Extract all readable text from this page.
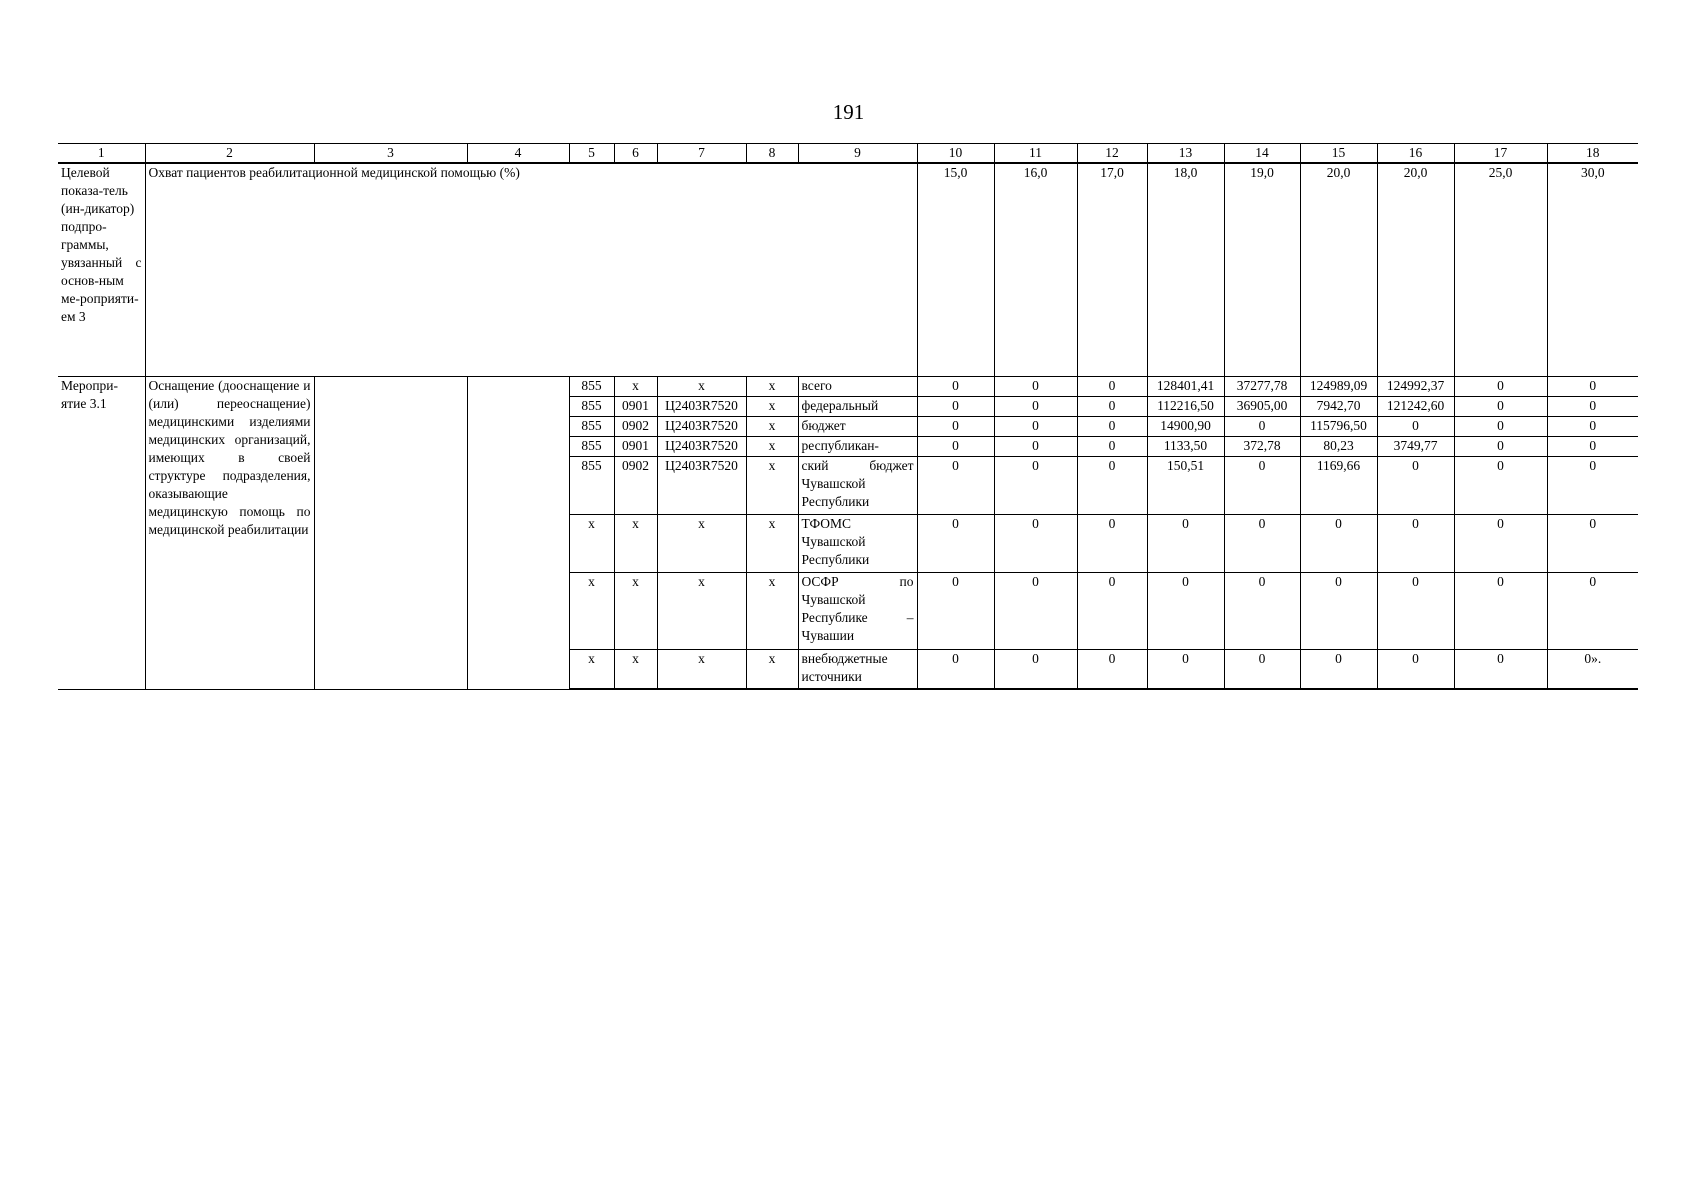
191
1	2	3	4	5	6	7	8	9	10	11	12	13	14	15	16	17	18
Целевой показа-тель (ин-дикатор) подпро-граммы, увязанный с основ-ным ме-роприяти-ем 3	Охват пациентов реабилитационной медицинской помощью (%)								15,0	16,0	17,0	18,0	19,0	20,0	20,0	25,0	30,0
Меропри-ятие 3.1	Оснащение (дооснащение и (или) переоснащение) медицинскими изделиями медицинских организаций, имеющих в своей структуре подразделения, оказывающие медицинскую помощь по медицинской реабилитации			855	х	х	х	всего	0	0	0	128401,41	37277,78	124989,09	124992,37	0	0
				855	0901	Ц2403R7520	х	федеральный	0	0	0	112216,50	36905,00	7942,70	121242,60	0	0
				855	0902	Ц2403R7520	х	бюджет	0	0	0	14900,90	0	115796,50	0	0	0
				855	0901	Ц2403R7520	х	республикан-	0	0	0	1133,50	372,78	80,23	3749,77	0	0
				855	0902	Ц2403R7520	х	ский бюджет Чувашской Республики	0	0	0	150,51	0	1169,66	0	0	0
				х	х	х	х	ТФОМС Чувашской Республики	0	0	0	0	0	0	0	0	0
				х	х	х	х	ОСФР по Чувашской Республике – Чувашии	0	0	0	0	0	0	0	0	0
				х	х	х	х	внебюджетные источники	0	0	0	0	0	0	0	0	0».
